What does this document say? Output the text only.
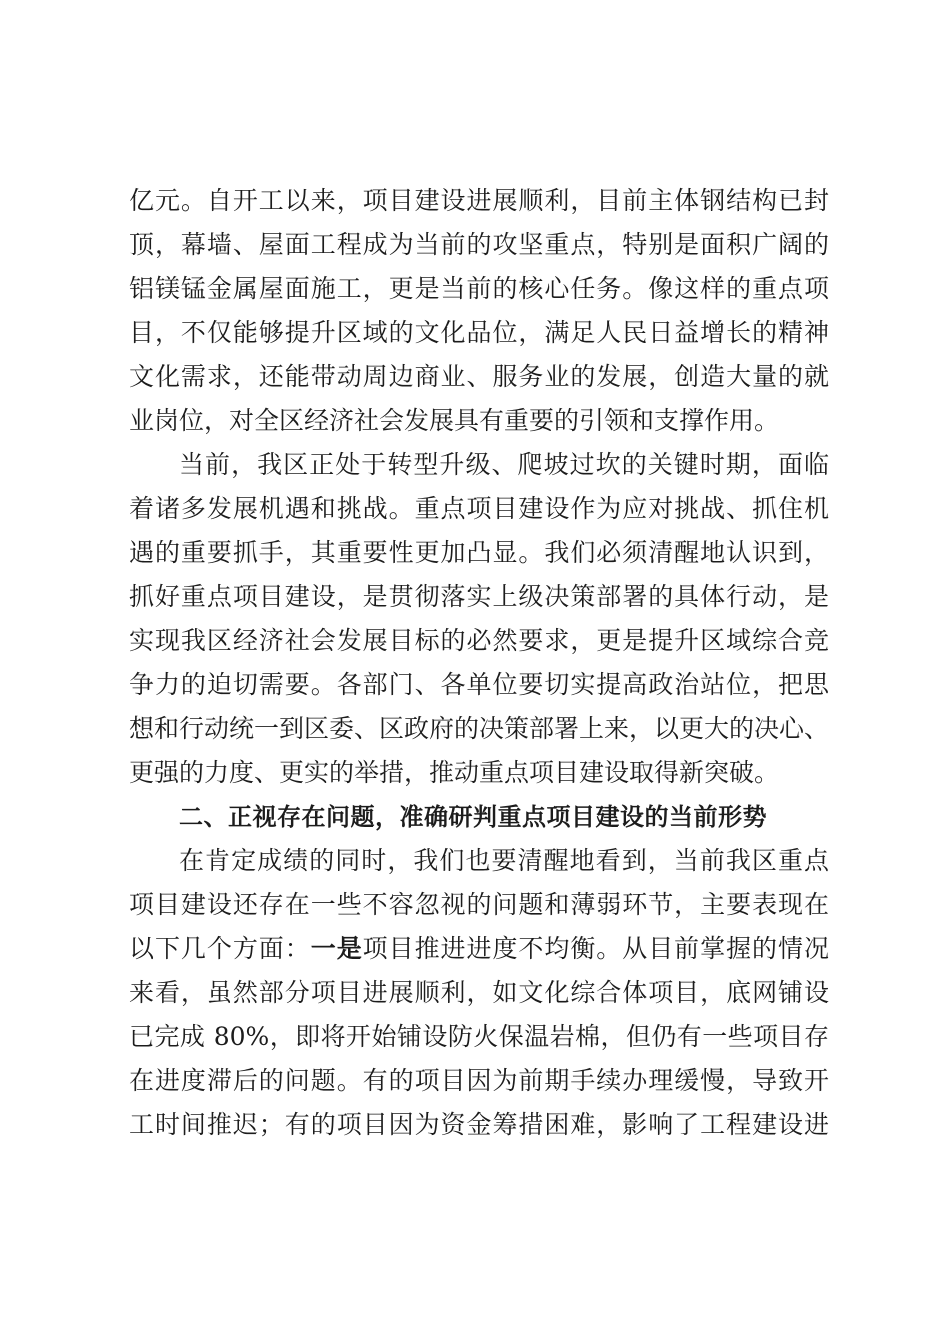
亿元。自开工以来，项目建设进展顺利，目前主体钢结构已封
顶，幕墙、屋面工程成为当前的攻坚重点，特别是面积广阔的
铝镁锰金属屋面施工，更是当前的核心任务。像这样的重点项
目，不仅能够提升区域的文化品位，满足人民日益增长的精神
文化需求，还能带动周边商业、服务业的发展，创造大量的就
业岗位，对全区经济社会发展具有重要的引领和支撑作用。
当前，我区正处于转型升级、爬坡过坎的关键时期，面临
着诸多发展机遇和挑战。重点项目建设作为应对挑战、抓住机
遇的重要抓手，其重要性更加凸显。我们必须清醒地认识到，
抓好重点项目建设，是贯彻落实上级决策部署的具体行动，是
实现我区经济社会发展目标的必然要求，更是提升区域综合竞
争力的迫切需要。各部门、各单位要切实提高政治站位，把思
想和行动统一到区委、区政府的决策部署上来，以更大的决心、
更强的力度、更实的举措，推动重点项目建设取得新突破。
二、正视存在问题，准确研判重点项目建设的当前形势
在肯定成绩的同时，我们也要清醒地看到，当前我区重点
项目建设还存在一些不容忽视的问题和薄弱环节，主要表现在
以下几个方面：一是项目推进进度不均衡。从目前掌握的情况
来看，虽然部分项目进展顺利，如文化综合体项目，底网铺设
已完成 80%，即将开始铺设防火保温岩棉，但仍有一些项目存
在进度滞后的问题。有的项目因为前期手续办理缓慢，导致开
工时间推迟；有的项目因为资金筹措困难，影响了工程建设进
